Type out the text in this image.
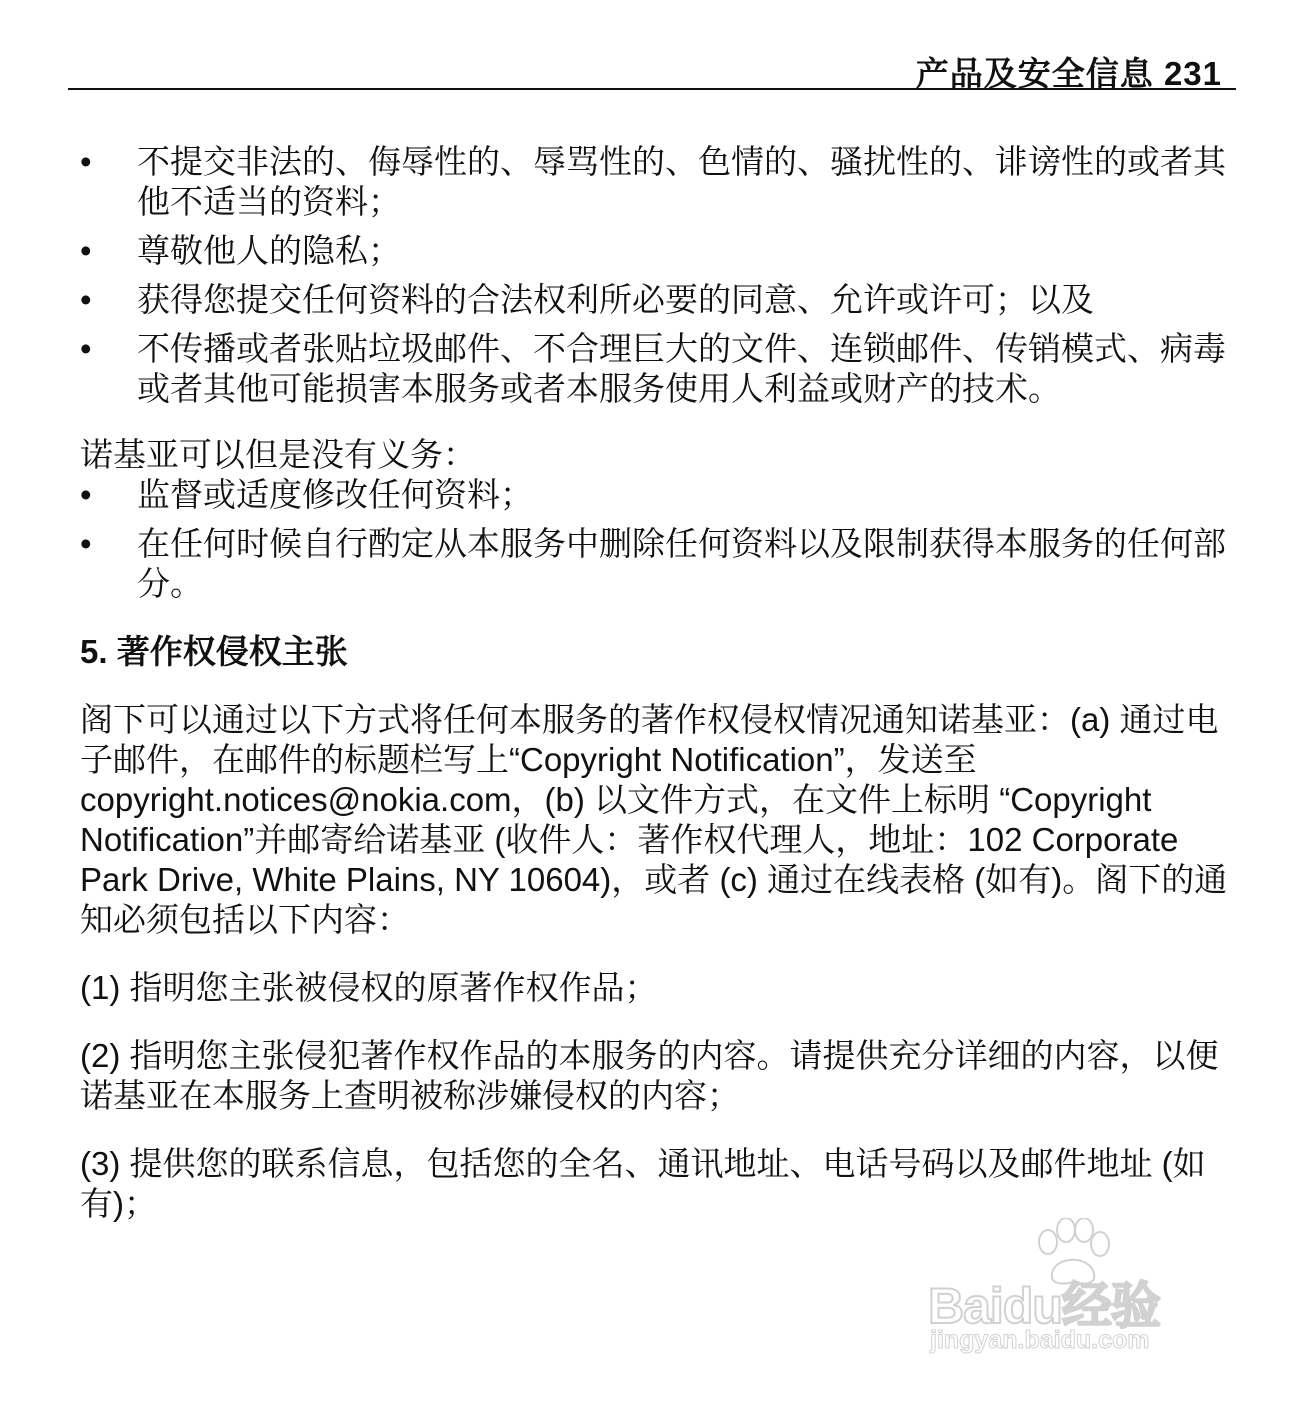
产品及安全信息 231
• 不提交非法的、侮辱性的、辱骂性的、色情的、骚扰性的、诽谤性的或者其他不适当的资料；
• 尊敬他人的隐私；
• 获得您提交任何资料的合法权利所必要的同意、允许或许可；以及
• 不传播或者张贴垃圾邮件、不合理巨大的文件、连锁邮件、传销模式、病毒或者其他可能损害本服务或者本服务使用人利益或财产的技术。

诺基亚可以但是没有义务：

• 监督或适度修改任何资料；
• 在任何时候自行酌定从本服务中删除任何资料以及限制获得本服务的任何部分。

5. 著作权侵权主张

阁下可以通过以下方式将任何本服务的著作权侵权情况通知诺基亚：(a) 通过电子邮件，在邮件的标题栏写上“Copyright Notification”，发送至 copyright.notices@nokia.com，(b) 以文件方式，在文件上标明 “Copyright Notification”并邮寄给诺基亚 (收件人：著作权代理人，地址：102 Corporate Park Drive, White Plains, NY 10604)，或者 (c) 通过在线表格 (如有)。阁下的通知必须包括以下内容：

(1) 指明您主张被侵权的原著作权作品；

(2) 指明您主张侵犯著作权作品的本服务的内容。请提供充分详细的内容，以便诺基亚在本服务上查明被称涉嫌侵权的内容；

(3) 提供您的联系信息，包括您的全名、通讯地址、电话号码以及邮件地址 (如有)；

Baidu经验
jingyan.baidu.com
